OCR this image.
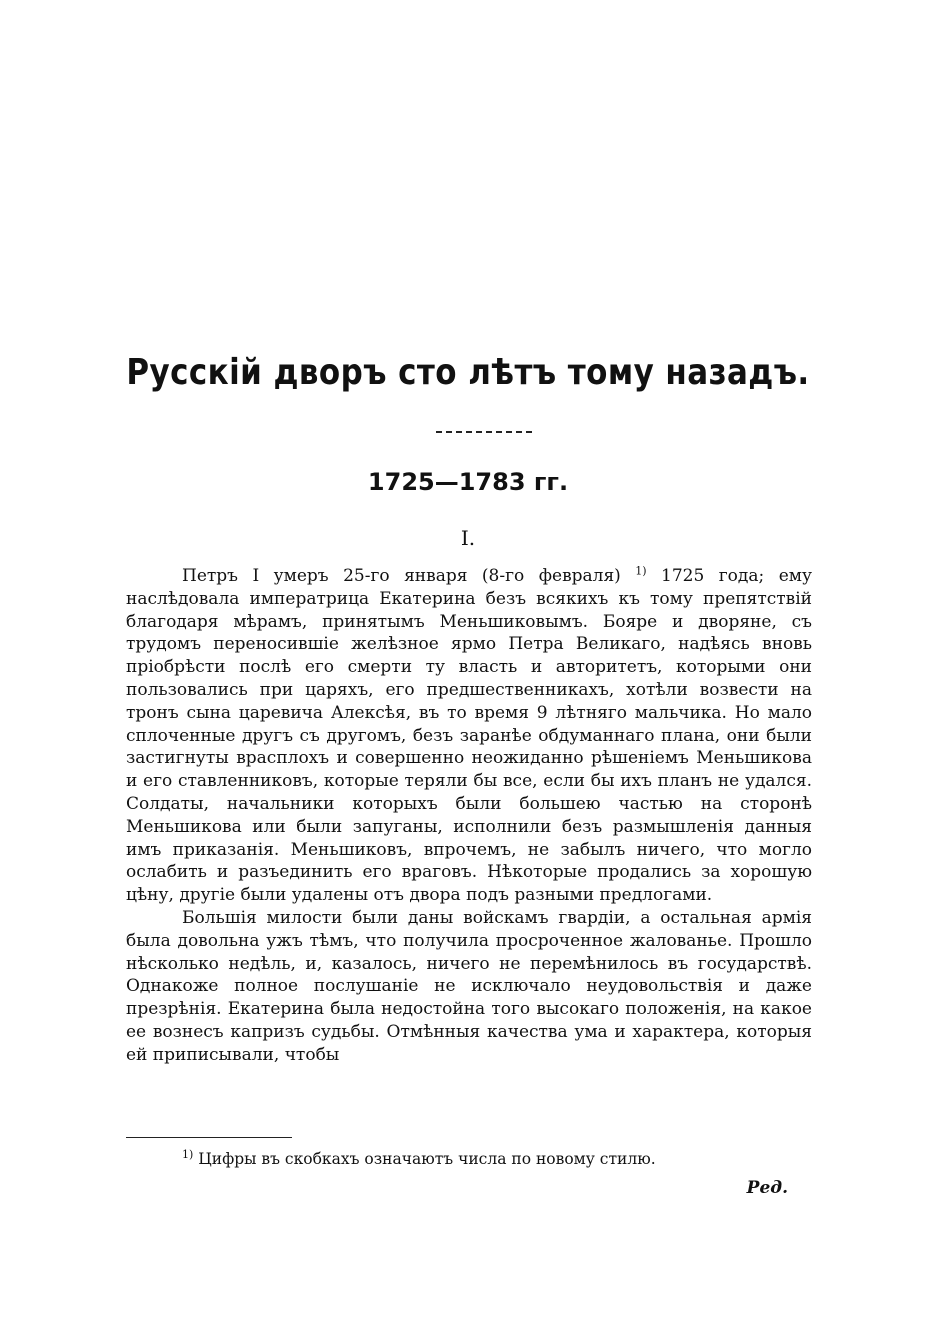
Русскій дворъ сто лѣтъ тому назадъ.
1725—1783 гг.
I.

Петръ I умеръ 25-го января (8-го февраля) $^{1)}$ 1725 года; ему наслѣдовала императрица Екатерина безъ всякихъ къ тому препятствій благодаря мѣрамъ, принятымъ Меньшиковымъ. Бояре и дворяне, съ трудомъ переносившіе желѣзное ярмо Петра Великаго, надѣясь вновь пріобрѣсти послѣ его смерти ту власть и авторитетъ, которыми они пользовались при царяхъ, его предшественникахъ, хотѣли возвести на тронъ сына царевича Алексѣя, въ то время 9 лѣтняго мальчика. Но мало сплоченные другъ съ другомъ, безъ заранѣе обдуманнаго плана, они были застигнуты врасплохъ и совершенно неожиданно рѣшеніемъ Меньшикова и его ставленниковъ, которые теряли бы все, если бы ихъ планъ не удался. Солдаты, начальники которыхъ были большею частью на сторонѣ Меньшикова или были запуганы, исполнили безъ размышленія данныя имъ приказанія. Меньшиковъ, впрочемъ, не забылъ ничего, что могло ослабить и разъединить его враговъ. Нѣкоторые продались за хорошую цѣну, другіе были удалены отъ двора подъ разными предлогами.

Большія милости были даны войскамъ гвардіи, а остальная армія была довольна ужъ тѣмъ, что получила просроченное жалованье. Прошло нѣсколько недѣль, и, казалось, ничего не перемѣнилось въ государствѣ. Однакоже полное послушаніе не исключало неудовольствія и даже презрѣнія. Екатерина была недостойна того высокаго положенія, на какое ее вознесъ капризъ судьбы. Отмѣнныя качества ума и характера, которыя ей приписывали, чтобы

$^{1)}$ Цифры въ скобкахъ означаютъ числа по новому стилю.

Ред.
